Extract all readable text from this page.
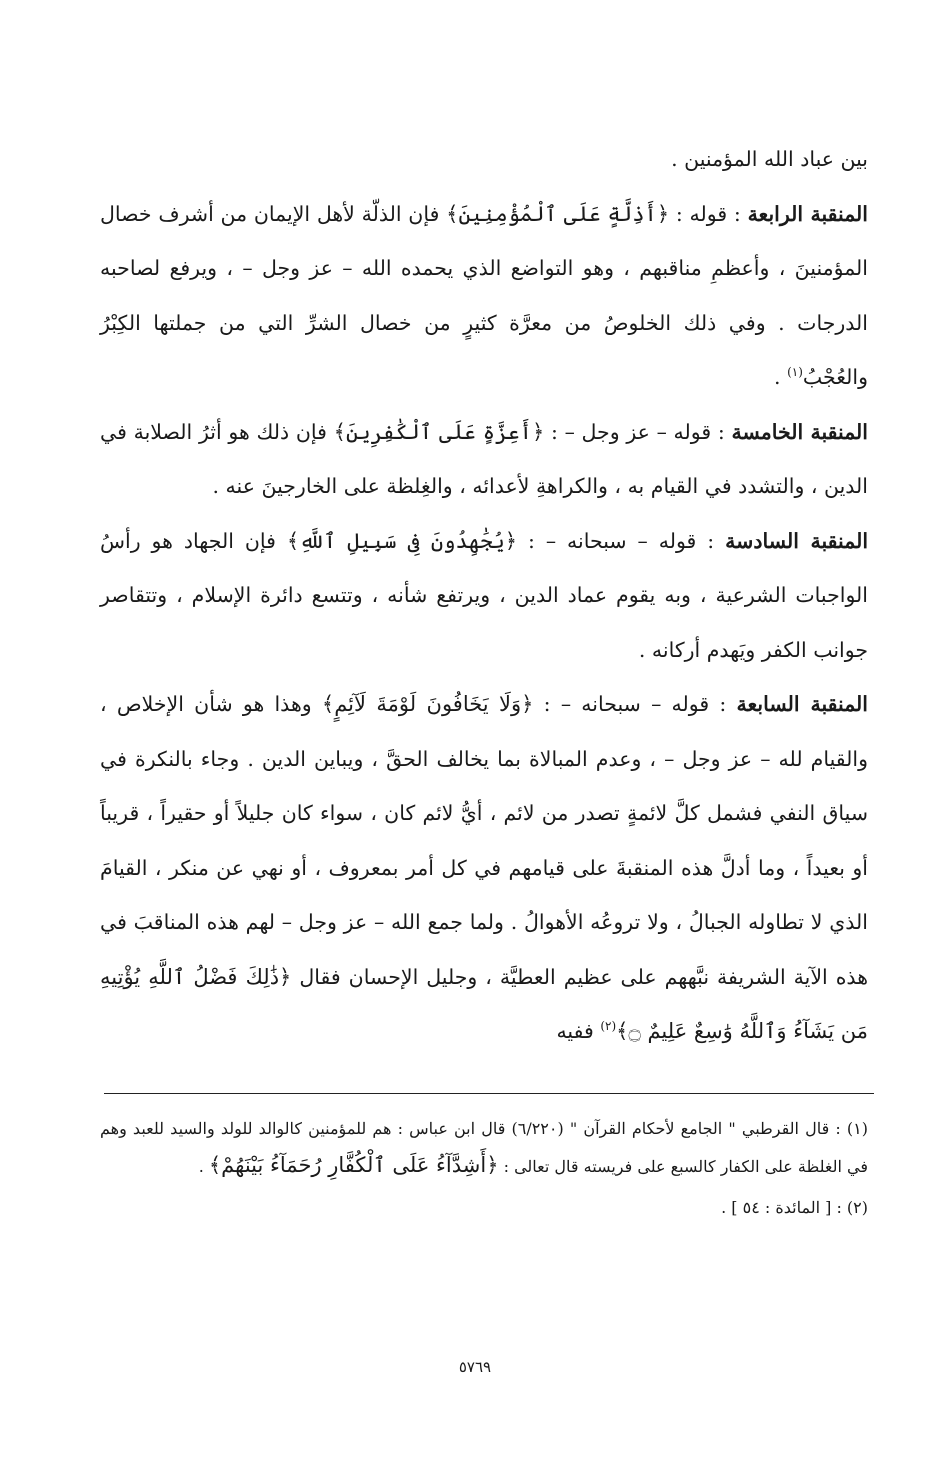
بين عباد الله المؤمنين .

المنقبة الرابعة : قوله : ﴿أَذِلَّةٍ عَلَى ٱلْمُؤْمِنِينَ﴾ فإن الذلّة لأهل الإيمان من أشرف خصال المؤمنينَ ، وأعظمِ مناقبهم ، وهو التواضع الذي يحمده الله – عز وجل – ، ويرفع لصاحبه الدرجات . وفي ذلك الخلوصُ من معرَّة كثيرٍ من خصال الشرِّ التي من جملتها الكِبْرُ والعُجْبُ$^{(١)}$ .

المنقبة الخامسة : قوله – عز وجل – : ﴿أَعِزَّةٍ عَلَى ٱلْكَٰفِرِينَ﴾ فإن ذلك هو أثرُ الصلابة في الدين ، والتشدد في القيام به ، والكراهةِ لأعدائه ، والغِلظة على الخارجينَ عنه .

المنقبة السادسة : قوله – سبحانه – : ﴿يُجَٰهِدُونَ فِى سَبِيلِ ٱللَّهِ﴾ فإن الجهاد هو رأسُ الواجبات الشرعية ، وبه يقوم عماد الدين ، ويرتفع شأنه ، وتتسع دائرة الإسلام ، وتتقاصر جوانب الكفر ويَهدم أركانه .

المنقبة السابعة : قوله – سبحانه – : ﴿وَلَا يَخَافُونَ لَوْمَةَ لَآئِمٍ﴾ وهذا هو شأن الإخلاص ، والقيام لله – عز وجل – ، وعدم المبالاة بما يخالف الحقَّ ، ويباين الدين . وجاء بالنكرة في سياق النفي فشمل كلَّ لائمةٍ تصدر من لائم ، أيُّ لائم كان ، سواء كان جليلاً أو حقيراً ، قريباً أو بعيداً ، وما أدلَّ هذه المنقبةَ على قيامهم في كل أمر بمعروف ، أو نهي عن منكر ، القيامَ الذي لا تطاوله الجبالُ ، ولا تروعُه الأهوالُ . ولما جمع الله – عز وجل – لهم هذه المناقبَ في هذه الآية الشريفة نبَّههم على عظيم العطيَّة ، وجليل الإحسان فقال ﴿ذَٰلِكَ فَضْلُ ٱللَّهِ يُؤْتِيهِ مَن يَشَآءُ وَٱللَّهُ وَٰسِعٌ عَلِيمٌ ۝﴾$^{(٢)}$ ففيه

(١) : قال القرطبي " الجامع لأحكام القرآن " (٦/٢٢٠) قال ابن عباس : هم للمؤمنين كالوالد للولد والسيد للعبد وهم في الغلظة على الكفار كالسبع على فريسته قال تعالى : ﴿أَشِدَّآءُ عَلَى ٱلْكُفَّارِ رُحَمَآءُ بَيْنَهُمْ﴾ .

(٢) : [ المائدة : ٥٤ ] .

٥٧٦٩
